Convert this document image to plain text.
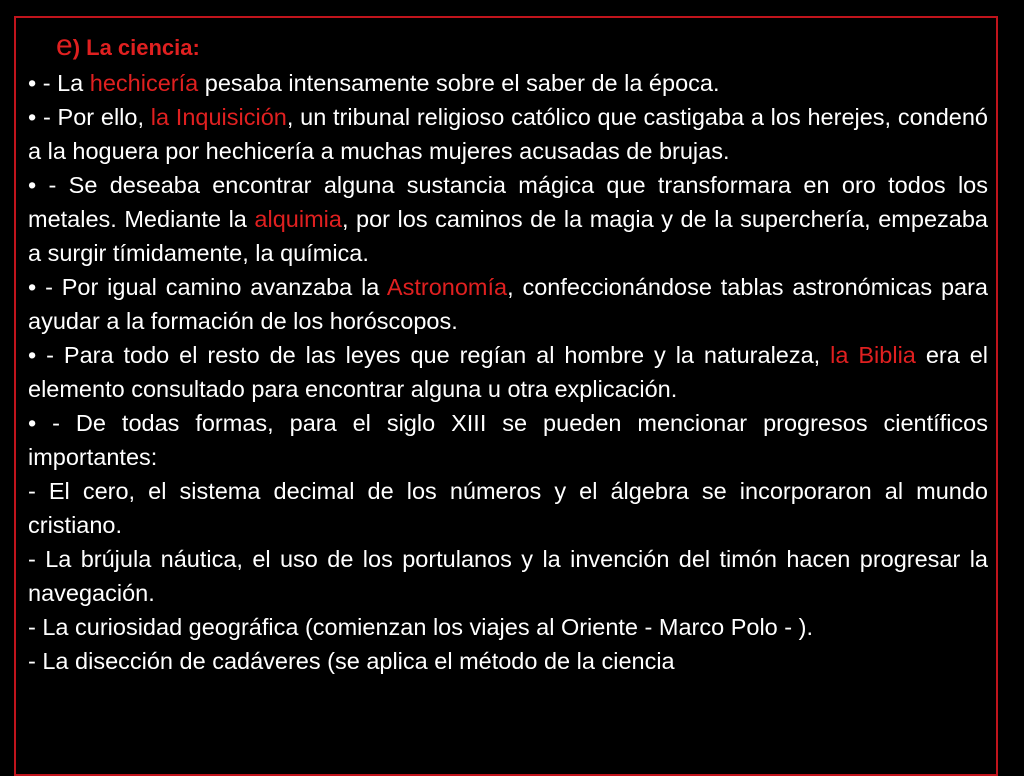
e) La ciencia:

• - La hechicería pesaba intensamente sobre el saber de la época.

• - Por ello, la Inquisición, un tribunal religioso católico que castigaba a los herejes, condenó a la hoguera por hechicería a muchas mujeres acusadas de brujas.

• - Se deseaba encontrar alguna sustancia mágica que transformara en oro todos los metales. Mediante la alquimia, por los caminos de la magia y de la superchería, empezaba a surgir tímidamente, la química.

• - Por igual camino avanzaba la Astronomía, confeccionándose tablas astronómicas para ayudar a la formación de los horóscopos.

• - Para todo el resto de las leyes que regían al hombre y la naturaleza, la Biblia era el elemento consultado para encontrar alguna u otra explicación.

• - De todas formas, para el siglo XIII se pueden mencionar progresos científicos importantes:

- El cero, el sistema decimal de los números y el álgebra se incorporaron al mundo cristiano.

- La brújula náutica, el uso de los portulanos y la invención del timón hacen progresar la navegación.

- La curiosidad geográfica (comienzan los viajes al Oriente - Marco Polo - ).

- La disección de cadáveres (se aplica el método de la ciencia
